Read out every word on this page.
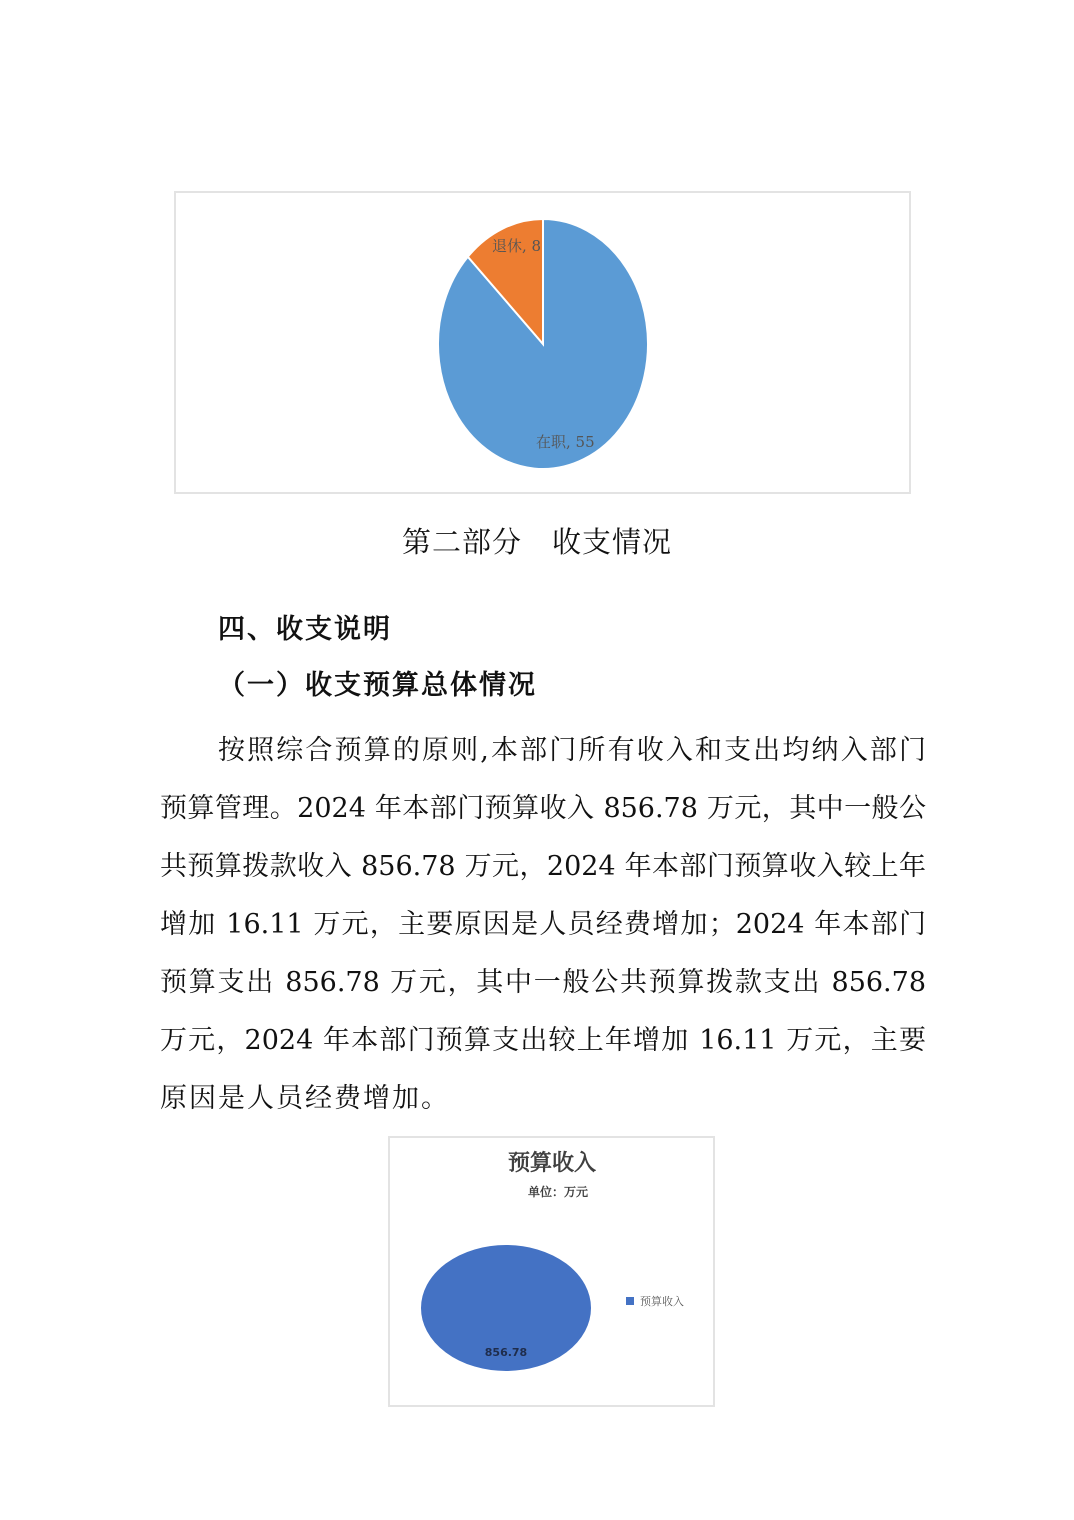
在职, 55
退休, 8
第二部分　收支情况
四、收支说明
（一）收支预算总体情况
按照综合预算的原则,本部门所有收入和支出均纳入部门
预算管理。2024 年本部门预算收入 856.78 万元，其中一般公
共预算拨款收入 856.78 万元，2024 年本部门预算收入较上年
增加 16.11 万元，主要原因是人员经费增加；2024 年本部门
预算支出 856.78 万元，其中一般公共预算拨款支出 856.78
万元，2024 年本部门预算支出较上年增加 16.11 万元，主要
原因是人员经费增加。
预算收入
单位：万元
856.78
预算收入
